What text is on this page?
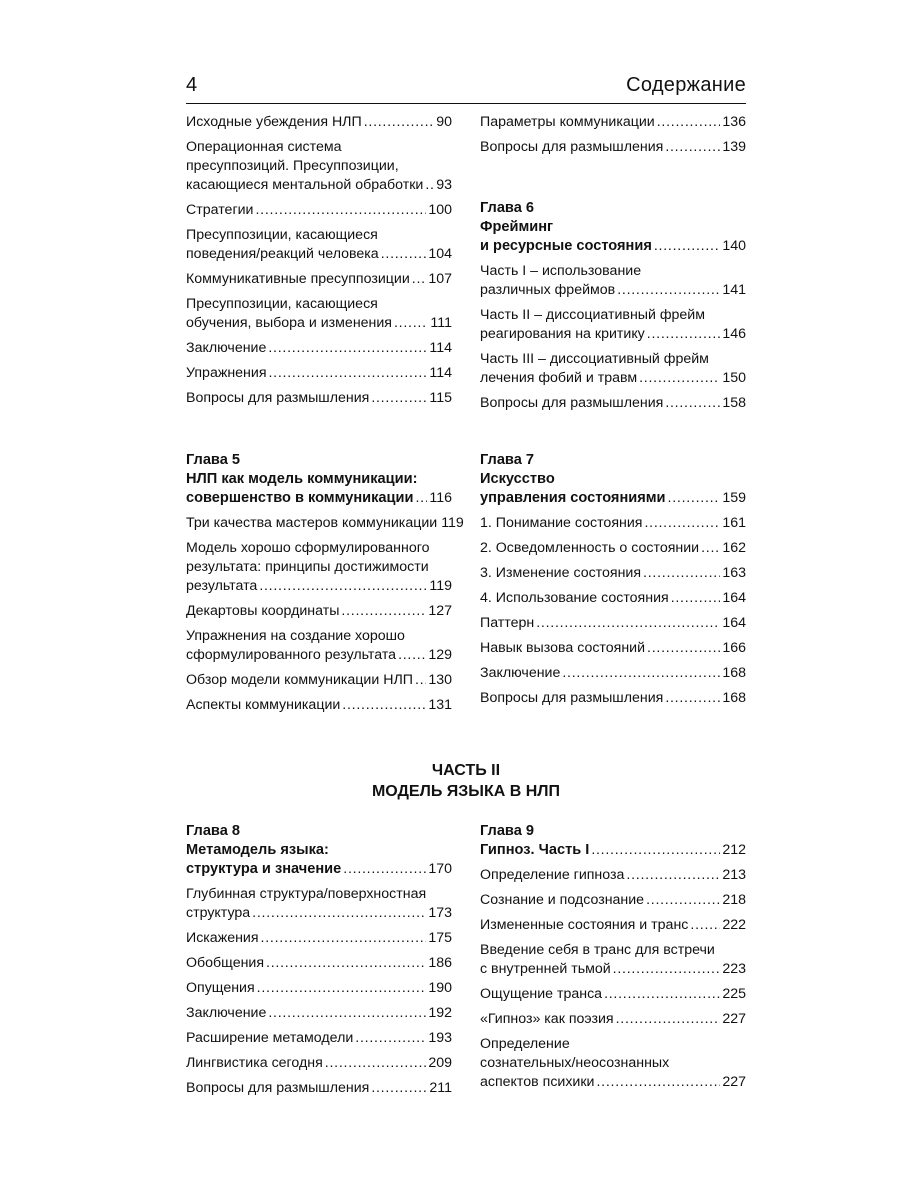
4	Содержание
Исходные убеждения НЛП . . .	90
Операционная система
пресуппозиций. Пресуппозиции,
касающиеся ментальной обработки . . . 93
Стратегии . . .	100
Пресуппозиции, касающиеся
поведения/реакций человека . . .	104
Коммуникативные пресуппозиции . . . 107
Пресуппозиции, касающиеся
обучения, выбора и изменения . . .	111
Заключение . . .	114
Упражнения . . .	114
Вопросы для размышления . . .	115
Параметры коммуникации . . .	136
Вопросы для размышления . . .	139
Глава 6
Фрейминг
и ресурсные состояния . . .	140
Часть I – использование
различных фреймов . . .	141
Часть II – диссоциативный фрейм
реагирования на критику . . .	146
Часть III – диссоциативный фрейм
лечения фобий и травм . . .	150
Вопросы для размышления . . .	158
Глава 5
НЛП как модель коммуникации:
совершенство в коммуникации . . . 116
Три качества мастеров коммуникации 119
Модель хорошо сформулированного
результата: принципы достижимости
результата . . .	119
Декартовы координаты . . .	127
Упражнения на создание хорошо
сформулированного результата . . . 129
Обзор модели коммуникации НЛП . . . 130
Аспекты коммуникации . . .	131
Глава 7
Искусство
управления состояниями . . .	159
1. Понимание состояния . . .	161
2. Осведомленность о состоянии . . . 162
3. Изменение состояния . . .	163
4. Использование состояния . . .	164
Паттерн . . .	164
Навык вызова состояний . . .	166
Заключение . . .	168
Вопросы для размышления . . .	168
ЧАСТЬ II
МОДЕЛЬ ЯЗЫКА В НЛП
Глава 8
Метамодель языка:
структура и значение . . .	170
Глубинная структура/поверхностная
структура . . .	173
Искажения . . .	175
Обобщения . . .	186
Опущения . . .	190
Заключение . . .	192
Расширение метамодели . . .	193
Лингвистика сегодня . . .	209
Вопросы для размышления . . .	211
Глава 9
Гипноз. Часть I . . .	212
Определение гипноза . . .	213
Сознание и подсознание . . .	218
Измененные состояния и транс . . . 222
Введение себя в транс для встречи
с внутренней тьмой . . .	223
Ощущение транса . . .	225
«Гипноз» как поэзия . . .	227
Определение
сознательных/неосознанных
аспектов психики . . .	227
